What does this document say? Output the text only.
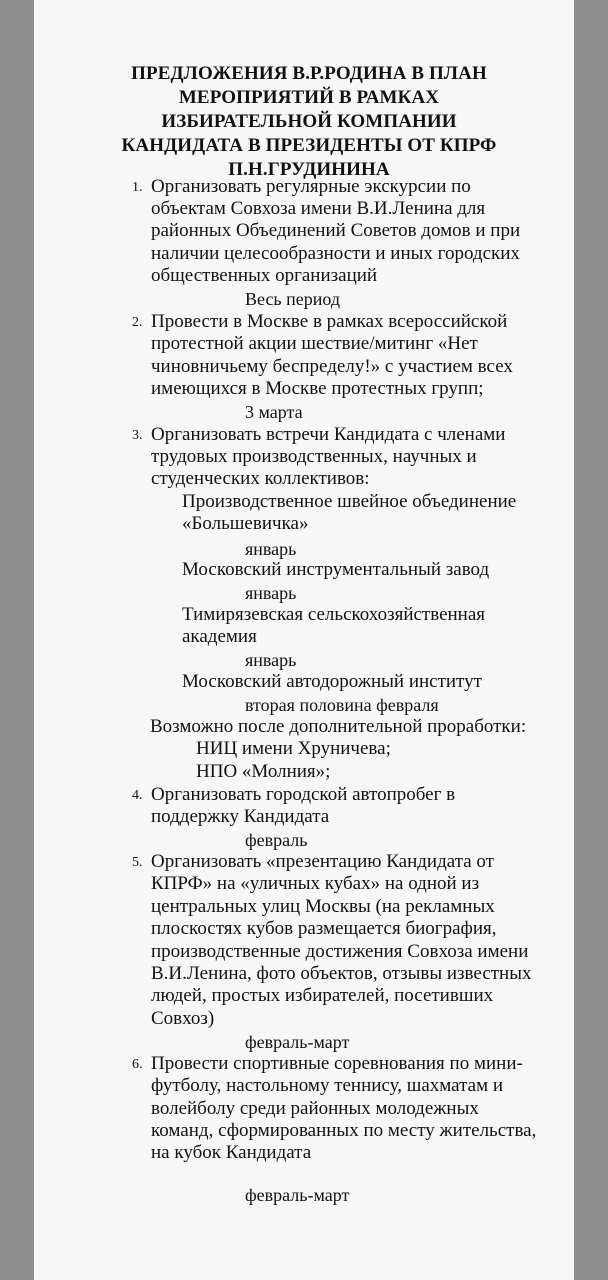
ПРЕДЛОЖЕНИЯ В.Р.РОДИНА В ПЛАН
МЕРОПРИЯТИЙ В РАМКАХ
ИЗБИРАТЕЛЬНОЙ КОМПАНИИ
КАНДИДАТА В ПРЕЗИДЕНТЫ ОТ КПРФ
П.Н.ГРУДИНИНА
1. Организовать регулярные экскурсии по
объектам Совхоза имени В.И.Ленина для
районных Объединений Советов домов и при
наличии целесообразности и иных городских
общественных организаций
Весь период
2. Провести в Москве в рамках всероссийской
протестной акции шествие/митинг «Нет
чиновничьему беспределу!» с участием всех
имеющихся в Москве протестных групп;
3 марта
3. Организовать встречи Кандидата с членами
трудовых производственных, научных и
студенческих коллективов:
Производственное швейное объединение
«Большевичка»
январь
Московский инструментальный завод
январь
Тимирязевская сельскохозяйственная
академия
январь
Московский автодорожный институт
вторая половина февраля
Возможно после дополнительной проработки:
НИЦ имени Хруничева;
НПО «Молния»;
4. Организовать городской автопробег в
поддержку Кандидата
февраль
5. Организовать «презентацию Кандидата от
КПРФ» на «уличных кубах» на одной из
центральных улиц Москвы (на рекламных
плоскостях кубов размещается биография,
производственные достижения Совхоза имени
В.И.Ленина, фото объектов, отзывы известных
людей, простых избирателей, посетивших
Совхоз)
февраль-март
6. Провести спортивные соревнования по мини-
футболу, настольному теннису, шахматам и
волейболу среди районных молодежных
команд, сформированных по месту жительства,
на кубок Кандидата
февраль-март
